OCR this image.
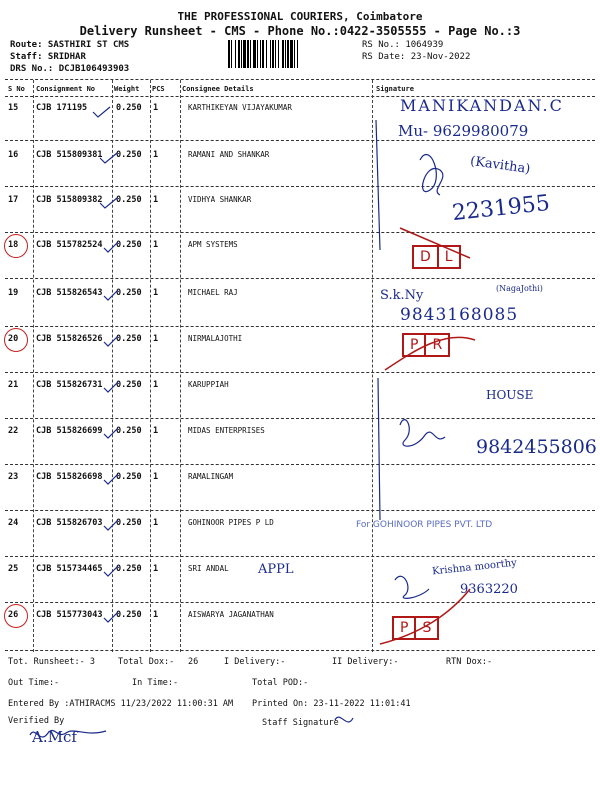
THE PROFESSIONAL COURIERS, Coimbatore
Delivery Runsheet - CMS - Phone No.:0422-3505555 - Page No.:3
Route: SASTHIRI ST CMS
Staff: SRIDHAR
DRS No.: DCJB106493903
RS No.: 1064939
RS Date: 23-Nov-2022
S No Consignment No	Weight PCS Consignee Details	Signature
15 CJB 171195	0.250 1	KARTHIKEYAN VIJAYAKUMAR
16 CJB 515809381 0.250 1	RAMANI AND SHANKAR
17 CJB 515809382 0.250 1	VIDHYA SHANKAR
18 CJB 515782524 0.250 1	APM SYSTEMS
19 CJB 515826543 0.250 1	MICHAEL RAJ
20 CJB 515826526 0.250 1	NIRMALAJOTHI
21 CJB 515826731 0.250 1	KARUPPIAH
22 CJB 515826699 0.250 1	MIDAS ENTERPRISES
23 CJB 515826698 0.250 1	RAMALINGAM
24 CJB 515826703 0.250 1	GOHINOOR PIPES P LD
25 CJB 515734465 0.250 1	SRI ANDAL
26 CJB 515773043 0.250 1	AISWARYA JAGANATHAN
MANIKANDAN.C
Mu- 9629980079
(Kavitha)
2231955
S.k.Ny	(NagaJothi)
9843168085
HOUSE
9842455806
APPL	Krishna moorthy
9363220
D	L
P	R
P	S
For GOHINOOR PIPES PVT. LTD
Tot. Runsheet:- 3	Total Dox:- 26	I Delivery:-	II Delivery:-	RTN Dox:-
Out Time:-	In Time:-	Total POD:-
Entered By :ATHIRACMS 11/23/2022 11:00:31 AM Printed On: 23-11-2022 11:01:41
Verified By	Staff Signature
A.Mcf
